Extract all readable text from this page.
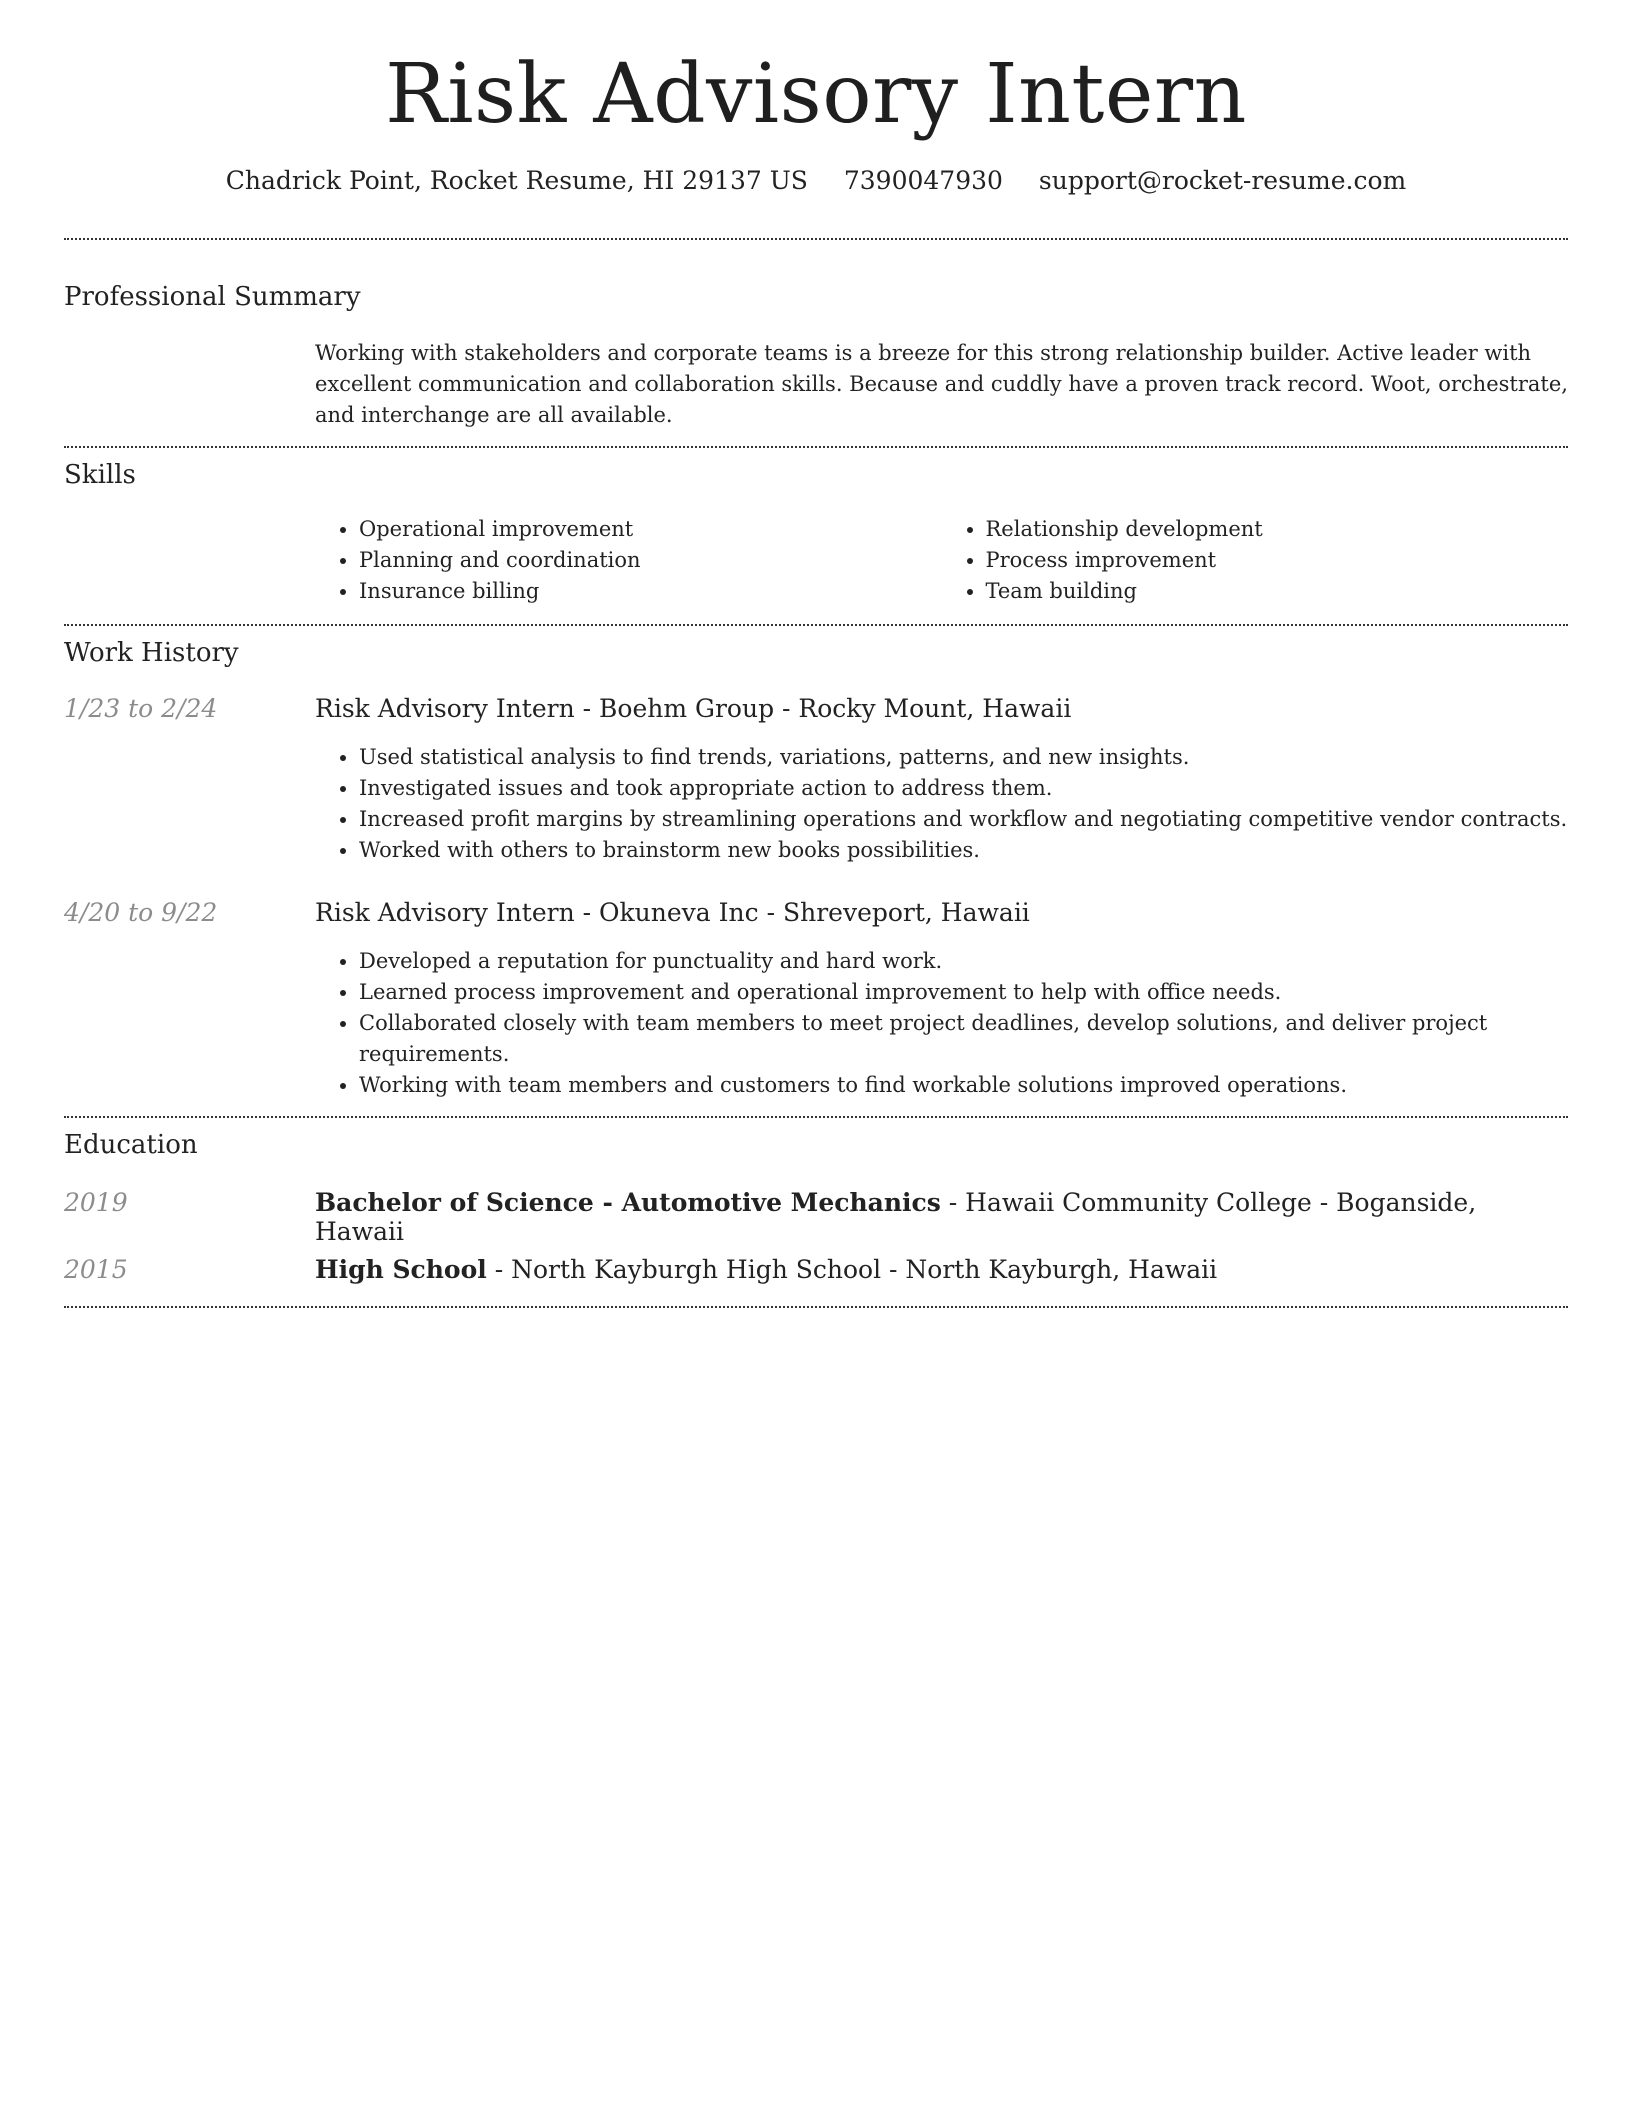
Risk Advisory Intern
Chadrick Point, Rocket Resume, HI 29137 US 7390047930 support@rocket-resume.com
Professional Summary
Working with stakeholders and corporate teams is a breeze for this strong relationship builder. Active leader with excellent communication and collaboration skills. Because and cuddly have a proven track record. Woot, orchestrate, and interchange are all available.
Skills
• Operational improvement
• Planning and coordination
• Insurance billing
• Relationship development
• Process improvement
• Team building
Work History
1/23 to 2/24	Risk Advisory Intern - Boehm Group - Rocky Mount, Hawaii
• Used statistical analysis to find trends, variations, patterns, and new insights.
• Investigated issues and took appropriate action to address them.
• Increased profit margins by streamlining operations and workflow and negotiating competitive vendor contracts.
• Worked with others to brainstorm new books possibilities.
4/20 to 9/22	Risk Advisory Intern - Okuneva Inc - Shreveport, Hawaii
• Developed a reputation for punctuality and hard work.
• Learned process improvement and operational improvement to help with office needs.
• Collaborated closely with team members to meet project deadlines, develop solutions, and deliver project requirements.
• Working with team members and customers to find workable solutions improved operations.
Education
2019	Bachelor of Science - Automotive Mechanics - Hawaii Community College - Boganside, Hawaii
2015	High School - North Kayburgh High School - North Kayburgh, Hawaii
